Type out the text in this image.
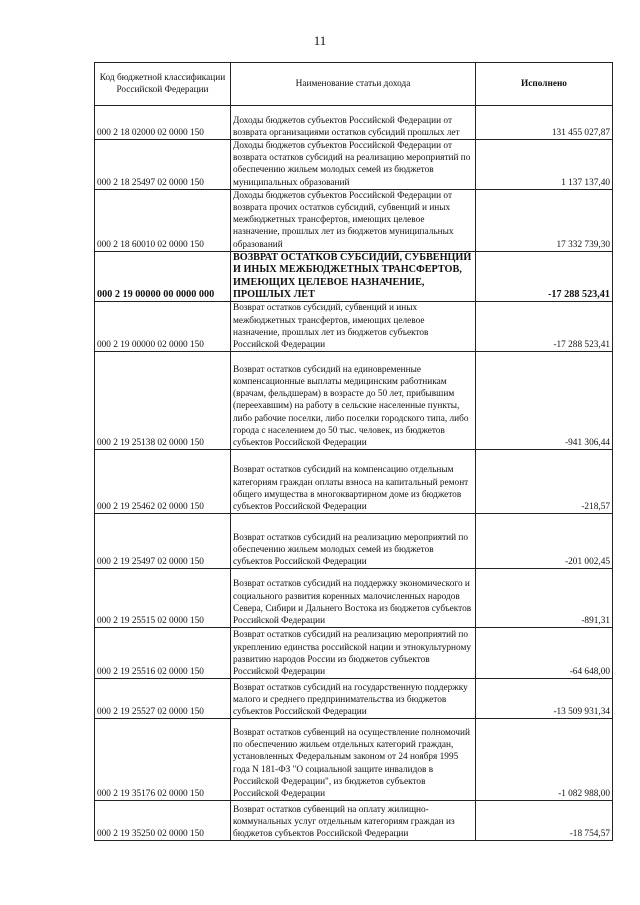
11
Код бюджетной классификации Российской Федерации	Наименование статьи дохода	Исполнено
000 2 18 02000 02 0000 150	Доходы бюджетов субъектов Российской Федерации от возврата организациями остатков субсидий прошлых лет	131 455 027,87
000 2 18 25497 02 0000 150	Доходы бюджетов субъектов Российской Федерации от возврата остатков субсидий на реализацию мероприятий по обеспечению жильем молодых семей из бюджетов муниципальных образований	1 137 137,40
000 2 18 60010 02 0000 150	Доходы бюджетов субъектов Российской Федерации от возврата прочих остатков субсидий, субвенций и иных межбюджетных трансфертов, имеющих целевое назначение, прошлых лет из бюджетов муниципальных образований	17 332 739,30
000 2 19 00000 00 0000 000	ВОЗВРАТ ОСТАТКОВ СУБСИДИЙ, СУБВЕНЦИЙ И ИНЫХ МЕЖБЮДЖЕТНЫХ ТРАНСФЕРТОВ, ИМЕЮЩИХ ЦЕЛЕВОЕ НАЗНАЧЕНИЕ, ПРОШЛЫХ ЛЕТ	-17 288 523,41
000 2 19 00000 02 0000 150	Возврат остатков субсидий, субвенций и иных межбюджетных трансфертов, имеющих целевое назначение, прошлых лет из бюджетов субъектов Российской Федерации	-17 288 523,41
000 2 19 25138 02 0000 150	Возврат остатков субсидий на единовременные компенсационные выплаты медицинским работникам (врачам, фельдшерам) в возрасте до 50 лет, прибывшим (переехавшим) на работу в сельские населенные пункты, либо рабочие поселки, либо поселки городского типа, либо города с населением до 50 тыс. человек, из бюджетов субъектов Российской Федерации	-941 306,44
000 2 19 25462 02 0000 150	Возврат остатков субсидий на компенсацию отдельным категориям граждан оплаты взноса на капитальный ремонт общего имущества в многоквартирном доме из бюджетов субъектов Российской Федерации	-218,57
000 2 19 25497 02 0000 150	Возврат остатков субсидий на реализацию мероприятий по обеспечению жильем молодых семей из бюджетов субъектов Российской Федерации	-201 002,45
000 2 19 25515 02 0000 150	Возврат остатков субсидий на поддержку экономического и социального развития коренных малочисленных народов Севера, Сибири и Дальнего Востока из бюджетов субъектов Российской Федерации	-891,31
000 2 19 25516 02 0000 150	Возврат остатков субсидий на реализацию мероприятий по укреплению единства российской нации и этнокультурному развитию народов России из бюджетов субъектов Российской Федерации	-64 648,00
000 2 19 25527 02 0000 150	Возврат остатков субсидий на государственную поддержку малого и среднего предпринимательства из бюджетов субъектов Российской Федерации	-13 509 931,34
000 2 19 35176 02 0000 150	Возврат остатков субвенций на осуществление полномочий по обеспечению жильем отдельных категорий граждан, установленных Федеральным законом от 24 ноября 1995 года N 181-ФЗ "О социальной защите инвалидов в Российской Федерации", из бюджетов субъектов Российской Федерации	-1 082 988,00
000 2 19 35250 02 0000 150	Возврат остатков субвенций на оплату жилищно-коммунальных услуг отдельным категориям граждан из бюджетов субъектов Российской Федерации	-18 754,57
